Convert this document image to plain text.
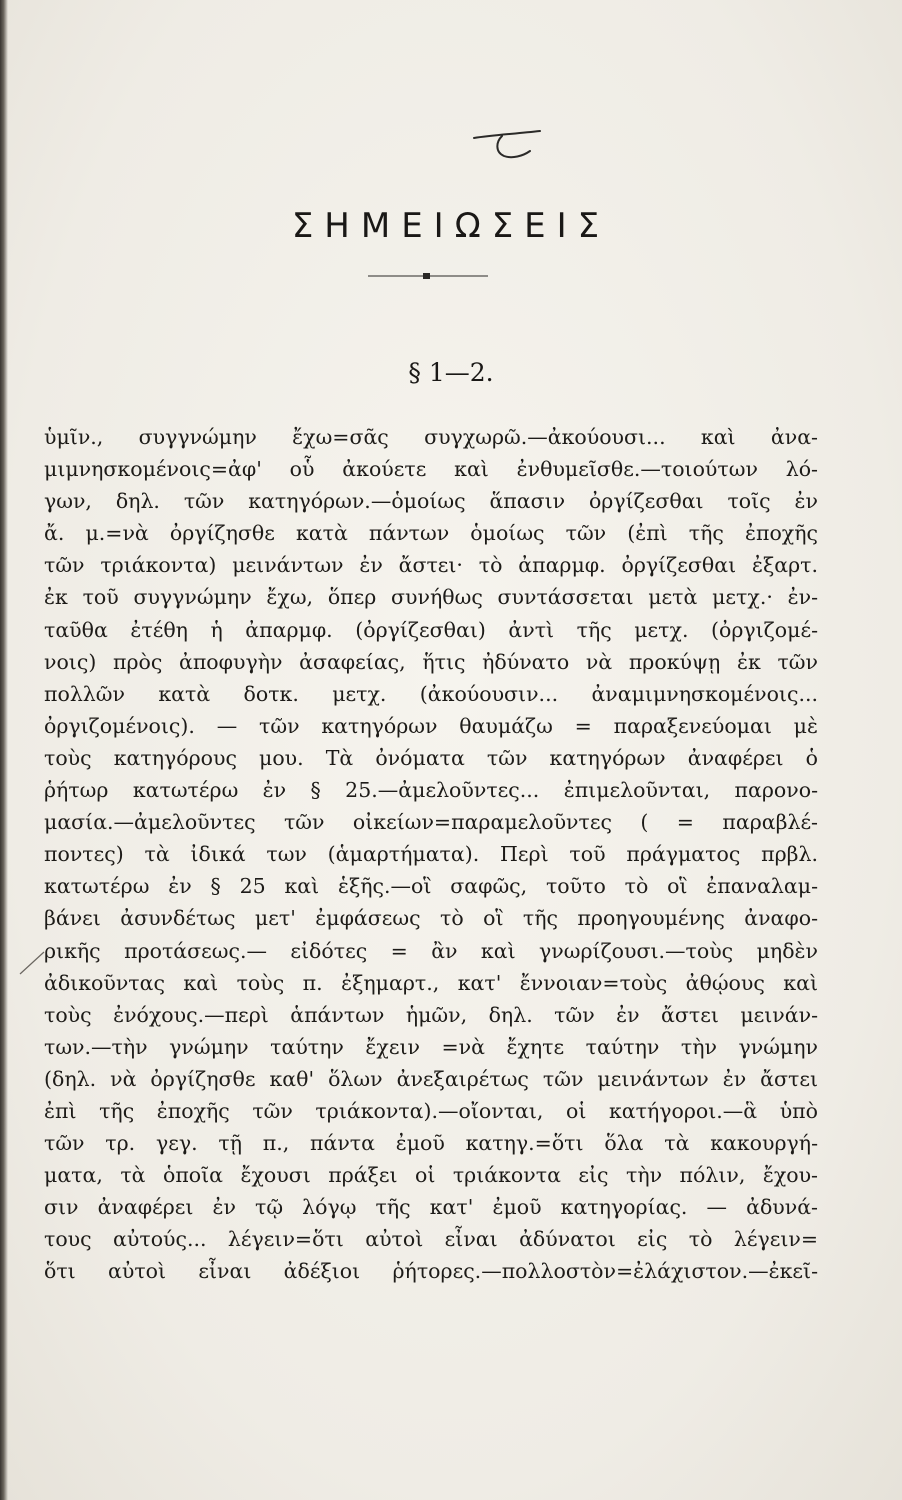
ΣΗΜΕΙΩΣΕΙΣ
§ 1—2.
ὑμῖν., συγγνώμην ἔχω=σᾶς συγχωρῶ.—ἀκούουσι... καὶ ἀνα-
μιμνησκομένοις=ἀφ' οὗ ἀκούετε καὶ ἐνθυμεῖσθε.—τοιούτων λό-
γων, δηλ. τῶν κατηγόρων.—ὁμοίως ἅπασιν ὀργίζεσθαι τοῖς ἐν
ἄ. μ.=νὰ ὀργίζησθε κατὰ πάντων ὁμοίως τῶν (ἐπὶ τῆς ἐποχῆς
τῶν τριάκοντα) μεινάντων ἐν ἄστει· τὸ ἀπαρμφ. ὀργίζεσθαι ἐξαρτ.
ἐκ τοῦ συγγνώμην ἔχω, ὅπερ συνήθως συντάσσεται μετὰ μετχ.· ἐν-
ταῦθα ἐτέθη ἡ ἀπαρμφ. (ὀργίζεσθαι) ἀντὶ τῆς μετχ. (ὀργιζομέ-
νοις) πρὸς ἀποφυγὴν ἀσαφείας, ἥτις ἠδύνατο νὰ προκύψῃ ἐκ τῶν
πολλῶν κατὰ δοτκ. μετχ. (ἀκούουσιν... ἀναμιμνησκομένοις...
ὀργιζομένοις). — τῶν κατηγόρων θαυμάζω = παραξενεύομαι μὲ
τοὺς κατηγόρους μου. Τὰ ὀνόματα τῶν κατηγόρων ἀναφέρει ὁ
ῥήτωρ κατωτέρω ἐν § 25.—ἀμελοῦντες... ἐπιμελοῦνται, παρονο-
μασία.—ἀμελοῦντες τῶν οἰκείων=παραμελοῦντες ( = παραβλέ-
ποντες) τὰ ἰδικά των (ἁμαρτήματα). Περὶ τοῦ πράγματος πρβλ.
κατωτέρω ἐν § 25 καὶ ἑξῆς.—οἳ σαφῶς, τοῦτο τὸ οἳ ἐπαναλαμ-
βάνει ἀσυνδέτως μετ' ἐμφάσεως τὸ οἳ τῆς προηγουμένης ἀναφο-
ρικῆς προτάσεως.— εἰδότες = ἂν καὶ γνωρίζουσι.—τοὺς μηδὲν
ἀδικοῦντας καὶ τοὺς π. ἐξημαρτ., κατ' ἔννοιαν=τοὺς ἀθῴους καὶ
τοὺς ἐνόχους.—περὶ ἁπάντων ἡμῶν, δηλ. τῶν ἐν ἄστει μεινάν-
των.—τὴν γνώμην ταύτην ἔχειν =νὰ ἔχητε ταύτην τὴν γνώμην
(δηλ. νὰ ὀργίζησθε καθ' ὅλων ἀνεξαιρέτως τῶν μεινάντων ἐν ἄστει
ἐπὶ τῆς ἐποχῆς τῶν τριάκοντα).—οἴονται, οἱ κατήγοροι.—ἃ ὑπὸ
τῶν τρ. γεγ. τῇ π., πάντα ἐμοῦ κατηγ.=ὅτι ὅλα τὰ κακουργή-
ματα, τὰ ὁποῖα ἔχουσι πράξει οἱ τριάκοντα εἰς τὴν πόλιν, ἔχου-
σιν ἀναφέρει ἐν τῷ λόγῳ τῆς κατ' ἐμοῦ κατηγορίας. — ἀδυνά-
τους αὐτούς... λέγειν=ὅτι αὐτοὶ εἶναι ἀδύνατοι εἰς τὸ λέγειν=
ὅτι αὐτοὶ εἶναι ἀδέξιοι ῥήτορες.—πολλοστὸν=ἐλάχιστον.—ἐκεῖ-
